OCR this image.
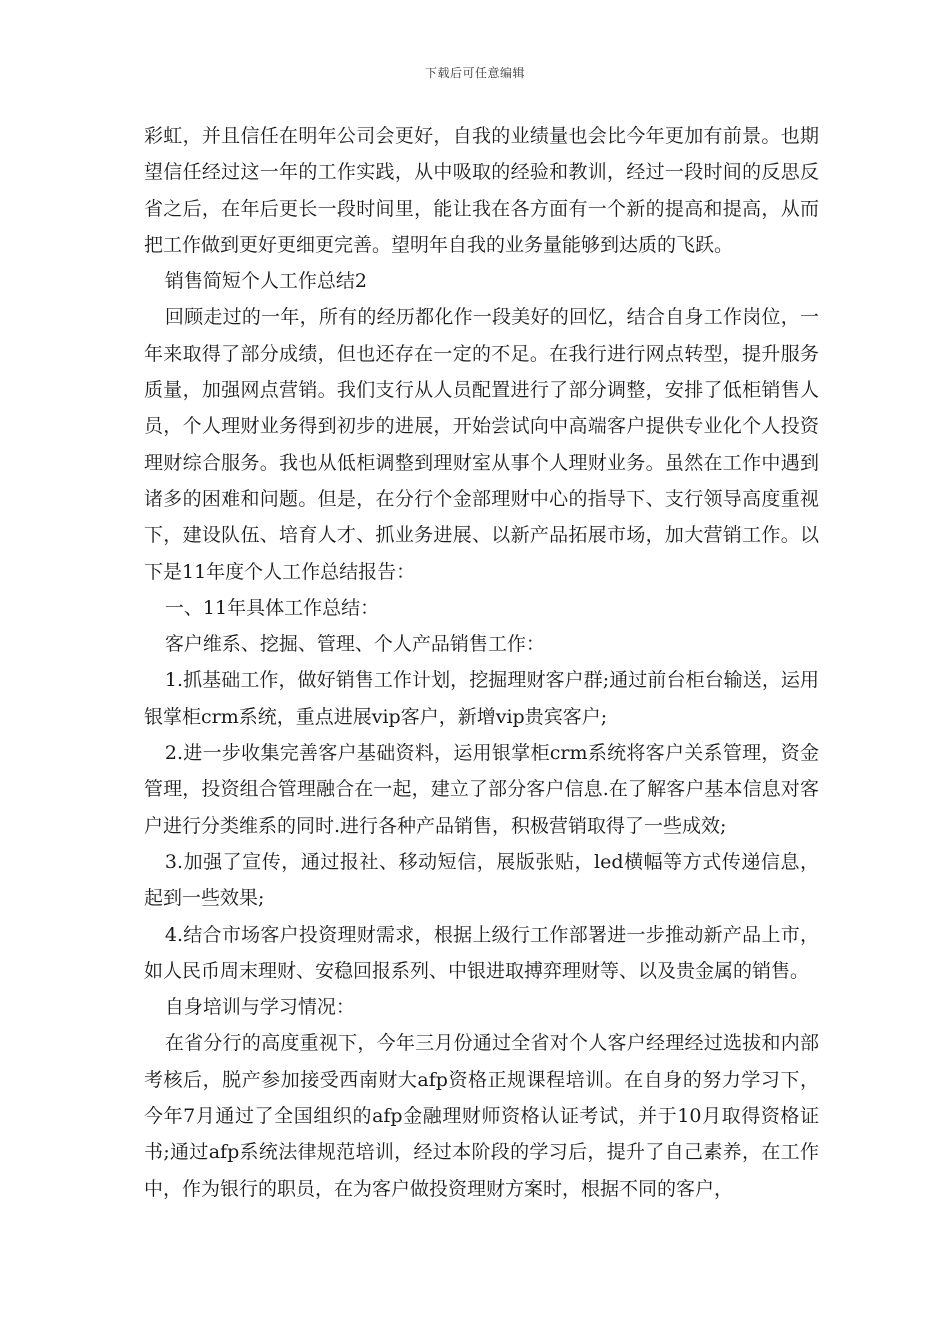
下载后可任意编辑

彩虹，并且信任在明年公司会更好，自我的业绩量也会比今年更加有前景。也期望信任经过这一年的工作实践，从中吸取的经验和教训，经过一段时间的反思反省之后，在年后更长一段时间里，能让我在各方面有一个新的提高和提高，从而把工作做到更好更细更完善。望明年自我的业务量能够到达质的飞跃。

销售简短个人工作总结2

回顾走过的一年，所有的经历都化作一段美好的回忆，结合自身工作岗位，一年来取得了部分成绩，但也还存在一定的不足。在我行进行网点转型，提升服务质量，加强网点营销。我们支行从人员配置进行了部分调整，安排了低柜销售人员，个人理财业务得到初步的进展，开始尝试向中高端客户提供专业化个人投资理财综合服务。我也从低柜调整到理财室从事个人理财业务。虽然在工作中遇到诸多的困难和问题。但是，在分行个金部理财中心的指导下、支行领导高度重视下，建设队伍、培育人才、抓业务进展、以新产品拓展市场，加大营销工作。以下是11年度个人工作总结报告：

一、11年具体工作总结：

客户维系、挖掘、管理、个人产品销售工作：

1.抓基础工作，做好销售工作计划，挖掘理财客户群;通过前台柜台输送，运用银掌柜crm系统，重点进展vip客户，新增vip贵宾客户;

2.进一步收集完善客户基础资料，运用银掌柜crm系统将客户关系管理，资金管理，投资组合管理融合在一起，建立了部分客户信息.在了解客户基本信息对客户进行分类维系的同时.进行各种产品销售，积极营销取得了一些成效;

3.加强了宣传，通过报社、移动短信，展版张贴，led横幅等方式传递信息，起到一些效果;

4.结合市场客户投资理财需求，根据上级行工作部署进一步推动新产品上市，如人民币周末理财、安稳回报系列、中银进取搏弈理财等、以及贵金属的销售。

自身培训与学习情况：

在省分行的高度重视下，今年三月份通过全省对个人客户经理经过选拔和内部考核后，脱产参加接受西南财大afp资格正规课程培训。在自身的努力学习下，今年7月通过了全国组织的afp金融理财师资格认证考试，并于10月取得资格证书;通过afp系统法律规范培训，经过本阶段的学习后，提升了自己素养，在工作中，作为银行的职员，在为客户做投资理财方案时，根据不同的客户，
